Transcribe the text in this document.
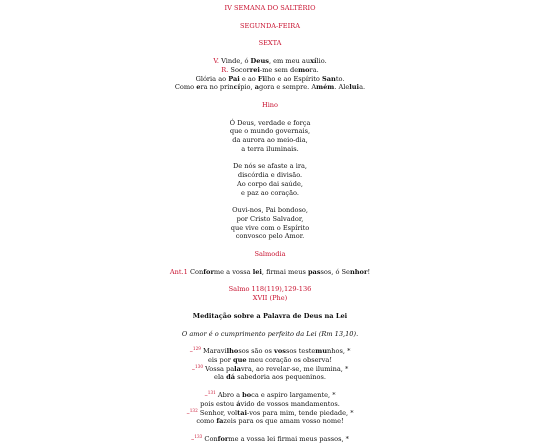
IV SEMANA DO SALTÉRIO

SEGUNDA-FEIRA

SEXTA

V. Vinde, ó Deus, em meu auxílio.

R. Socorrei-me sem demora.

Glória ao Pai e ao Filho e ao Espírito Santo.

Como era no princípio, agora e sempre. Amém. Aleluia.

Hino

Ó Deus, verdade e força

que o mundo governais,

da aurora ao meio-dia,

a terra iluminais.

De nós se afaste a ira,

discórdia e divisão.

Ao corpo dai saúde,

e paz ao coração.

Ouvi-nos, Pai bondoso,

por Cristo Salvador,

que vive com o Espírito

convosco pelo Amor.

Salmodia

Ant.1 Conforme a vossa lei, firmai meus passos, ó Senhor!

Salmo 118(119),129-136

XVII (Phe)

Meditação sobre a Palavra de Deus na Lei

O amor é o cumprimento perfeito da Lei (Rm 13,10).

–$^{129}$ Maravilhosos são os vossos testemunhos, *

eis por que meu coração os observa!

–$^{130}$ Vossa palavra, ao revelar-se, me ilumina, *

ela dá sabedoria aos pequeninos.

–$^{131}$ Abro a boca e aspiro largamente, *

pois estou ávido de vossos mandamentos.

–$^{132}$ Senhor, voltai-vos para mim, tende piedade, *

como fazeis para os que amam vosso nome!

–$^{133}$ Conforme a vossa lei firmai meus passos, *
